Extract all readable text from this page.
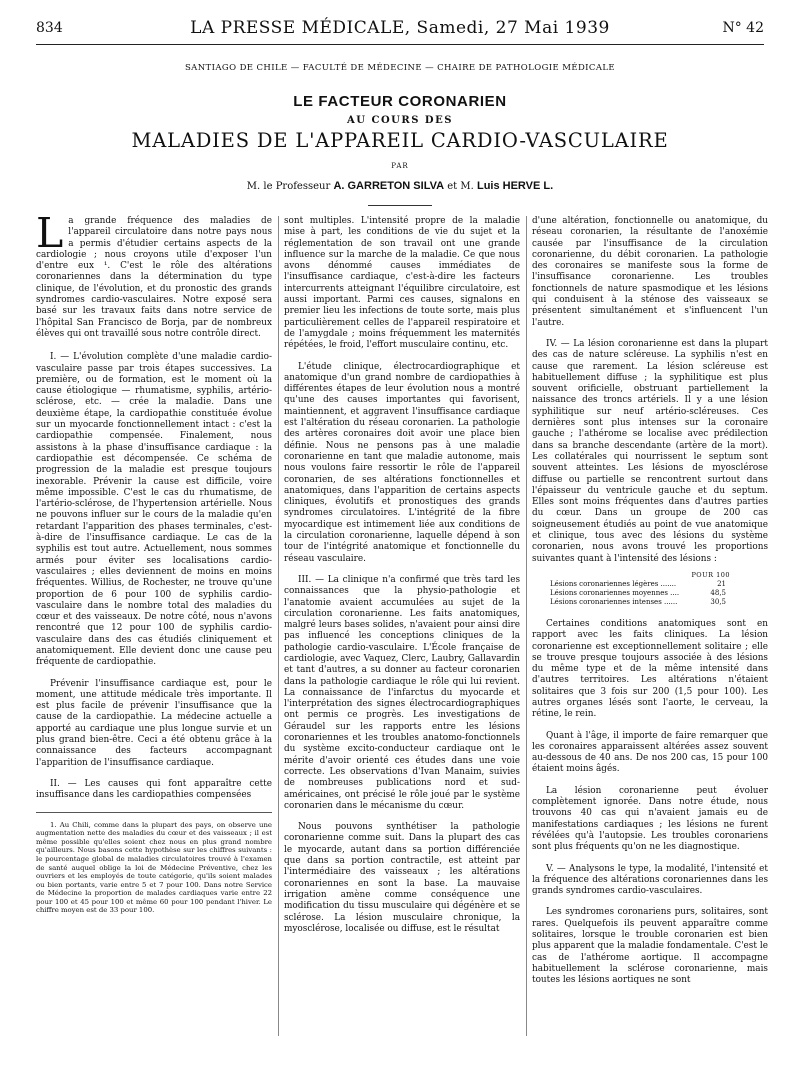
834	LA PRESSE MÉDICALE, Samedi, 27 Mai 1939	N° 42
SANTIAGO DE CHILE — FACULTÉ DE MÉDECINE — CHAIRE DE PATHOLOGIE MÉDICALE
LE FACTEUR CORONARIEN
AU COURS DES
MALADIES DE L'APPAREIL CARDIO-VASCULAIRE
PAR
M. le Professeur A. GARRETON SILVA et M. Luis HERVE L.
L a grande fréquence des maladies de l'appareil circulatoire dans notre pays nous a permis d'étudier certains aspects de la cardiologie ; nous croyons utile d'exposer l'un d'entre eux ¹. C'est le rôle des altérations coronariennes dans la détermination du type clinique, de l'évolution, et du pronostic des grands syndromes cardio-vasculaires. Notre exposé sera basé sur les travaux faits dans notre service de l'hôpital San Francisco de Borja, par de nombreux élèves qui ont travaillé sous notre contrôle direct.

I. — L'évolution complète d'une maladie cardio-vasculaire passe par trois étapes successives. La première, ou de formation, est le moment où la cause étiologique — rhumatisme, syphilis, artério-sclérose, etc. — crée la maladie. Dans une deuxième étape, la cardiopathie constituée évolue sur un myocarde fonctionnellement intact : c'est la cardiopathie compensée. Finalement, nous assistons à la phase d'insuffisance cardiaque : la cardiopathie est décompensée. Ce schéma de progression de la maladie est presque toujours inexorable. Prévenir la cause est difficile, voire même impossible. C'est le cas du rhumatisme, de l'artério-sclérose, de l'hypertension artérielle. Nous ne pouvons influer sur le cours de la maladie qu'en retardant l'apparition des phases terminales, c'est-à-dire de l'insuffisance cardiaque. Le cas de la syphilis est tout autre. Actuellement, nous sommes armés pour éviter ses localisations cardio-vasculaires ; elles deviennent de moins en moins fréquentes. Willius, de Rochester, ne trouve qu'une proportion de 6 pour 100 de syphilis cardio-vasculaire dans le nombre total des maladies du cœur et des vaisseaux. De notre côté, nous n'avons rencontré que 12 pour 100 de syphilis cardio-vasculaire dans des cas étudiés cliniquement et anatomiquement. Elle devient donc une cause peu fréquente de cardiopathie.

Prévenir l'insuffisance cardiaque est, pour le moment, une attitude médicale très importante. Il est plus facile de prévenir l'insuffisance que la cause de la cardiopathie. La médecine actuelle a apporté au cardiaque une plus longue survie et un plus grand bien-être. Ceci a été obtenu grâce à la connaissance des facteurs accompagnant l'apparition de l'insuffisance cardiaque.

II. — Les causes qui font apparaître cette insuffisance dans les cardiopathies compensées

1. Au Chili, comme dans la plupart des pays, on observe une augmentation nette des maladies du cœur et des vaisseaux ; il est même possible qu'elles soient chez nous en plus grand nombre qu'ailleurs. Nous basons cette hypothèse sur les chiffres suivants : le pourcentage global de maladies circulatoires trouvé à l'examen de santé auquel oblige la loi de Médecine Préventive, chez les ouvriers et les employés de toute catégorie, qu'ils soient malades ou bien portants, varie entre 5 et 7 pour 100. Dans notre Service de Médecine la proportion de malades cardiaques varie entre 22 pour 100 et 45 pour 100 et même 60 pour 100 pendant l'hiver. Le chiffre moyen est de 33 pour 100.

sont multiples. L'intensité propre de la maladie mise à part, les conditions de vie du sujet et la réglementation de son travail ont une grande influence sur la marche de la maladie. Ce que nous avons dénommé causes immédiates de l'insuffisance cardiaque, c'est-à-dire les facteurs intercurrents atteignant l'équilibre circulatoire, est aussi important. Parmi ces causes, signalons en premier lieu les infections de toute sorte, mais plus particulièrement celles de l'appareil respiratoire et de l'amygdale ; moins fréquemment les maternités répétées, le froid, l'effort musculaire continu, etc.

L'étude clinique, électrocardiographique et anatomique d'un grand nombre de cardiopathies à différentes étapes de leur évolution nous a montré qu'une des causes importantes qui favorisent, maintiennent, et aggravent l'insuffisance cardiaque est l'altération du réseau coronarien. La pathologie des artères coronaires doit avoir une place bien définie. Nous ne pensons pas à une maladie coronarienne en tant que maladie autonome, mais nous voulons faire ressortir le rôle de l'appareil coronarien, de ses altérations fonctionnelles et anatomiques, dans l'apparition de certains aspects cliniques, évolutifs et pronostiques des grands syndromes circulatoires. L'intégrité de la fibre myocardique est intimement liée aux conditions de la circulation coronarienne, laquelle dépend à son tour de l'intégrité anatomique et fonctionnelle du réseau vasculaire.

III. — La clinique n'a confirmé que très tard les connaissances que la physio-pathologie et l'anatomie avaient accumulées au sujet de la circulation coronarienne. Les faits anatomiques, malgré leurs bases solides, n'avaient pour ainsi dire pas influencé les conceptions cliniques de la pathologie cardio-vasculaire. L'École française de cardiologie, avec Vaquez, Clerc, Laubry, Gallavardin et tant d'autres, a su donner au facteur coronarien dans la pathologie cardiaque le rôle qui lui revient. La connaissance de l'infarctus du myocarde et l'interprétation des signes électrocardiographiques ont permis ce progrès. Les investigations de Géraudel sur les rapports entre les lésions coronariennes et les troubles anatomo-fonctionnels du système excito-conducteur cardiaque ont le mérite d'avoir orienté ces études dans une voie correcte. Les observations d'Ivan Manaim, suivies de nombreuses publications nord et sud-américaines, ont précisé le rôle joué par le système coronarien dans le mécanisme du cœur.

Nous pouvons synthétiser la pathologie coronarienne comme suit. Dans la plupart des cas le myocarde, autant dans sa portion différenciée que dans sa portion contractile, est atteint par l'intermédiaire des vaisseaux ; les altérations coronariennes en sont la base. La mauvaise irrigation amène comme conséquence une modification du tissu musculaire qui dégénère et se sclérose. La lésion musculaire chronique, la myosclérose, localisée ou diffuse, est le résultat

d'une altération, fonctionnelle ou anatomique, du réseau coronarien, la résultante de l'anoxémie causée par l'insuffisance de la circulation coronarienne, du débit coronarien. La pathologie des coronaires se manifeste sous la forme de l'insuffisance coronarienne. Les troubles fonctionnels de nature spasmodique et les lésions qui conduisent à la sténose des vaisseaux se présentent simultanément et s'influencent l'un l'autre.

IV. — La lésion coronarienne est dans la plupart des cas de nature scléreuse. La syphilis n'est en cause que rarement. La lésion scléreuse est habituellement diffuse ; la syphilitique est plus souvent orificielle, obstruant partiellement la naissance des troncs artériels. Il y a une lésion syphilitique sur neuf artério-scléreuses. Ces dernières sont plus intenses sur la coronaire gauche ; l'athérome se localise avec prédilection dans sa branche descendante (artère de la mort). Les collatérales qui nourrissent le septum sont souvent atteintes. Les lésions de myosclérose diffuse ou partielle se rencontrent surtout dans l'épaisseur du ventricule gauche et du septum. Elles sont moins fréquentes dans d'autres parties du cœur. Dans un groupe de 200 cas soigneusement étudiés au point de vue anatomique et clinique, tous avec des lésions du système coronarien, nous avons trouvé les proportions suivantes quant à l'intensité des lésions :

POUR 100
Lésions coronariennes légères .......	21
Lésions coronariennes moyennes ....	48,5
Lésions coronariennes intenses ......	30,5

Certaines conditions anatomiques sont en rapport avec les faits cliniques. La lésion coronarienne est exceptionnellement solitaire ; elle se trouve presque toujours associée à des lésions du même type et de la même intensité dans d'autres territoires. Les altérations n'étaient solitaires que 3 fois sur 200 (1,5 pour 100). Les autres organes lésés sont l'aorte, le cerveau, la rétine, le rein.

Quant à l'âge, il importe de faire remarquer que les coronaires apparaissent altérées assez souvent au-dessous de 40 ans. De nos 200 cas, 15 pour 100 étaient moins âgés.

La lésion coronarienne peut évoluer complètement ignorée. Dans notre étude, nous trouvons 40 cas qui n'avaient jamais eu de manifestations cardiaques ; les lésions ne furent révélées qu'à l'autopsie. Les troubles coronariens sont plus fréquents qu'on ne les diagnostique.

V. — Analysons le type, la modalité, l'intensité et la fréquence des altérations coronariennes dans les grands syndromes cardio-vasculaires.

Les syndromes coronariens purs, solitaires, sont rares. Quelquefois ils peuvent apparaître comme solitaires, lorsque le trouble coronarien est bien plus apparent que la maladie fondamentale. C'est le cas de l'athérome aortique. Il accompagne habituellement la sclérose coronarienne, mais toutes les lésions aortiques ne sont
